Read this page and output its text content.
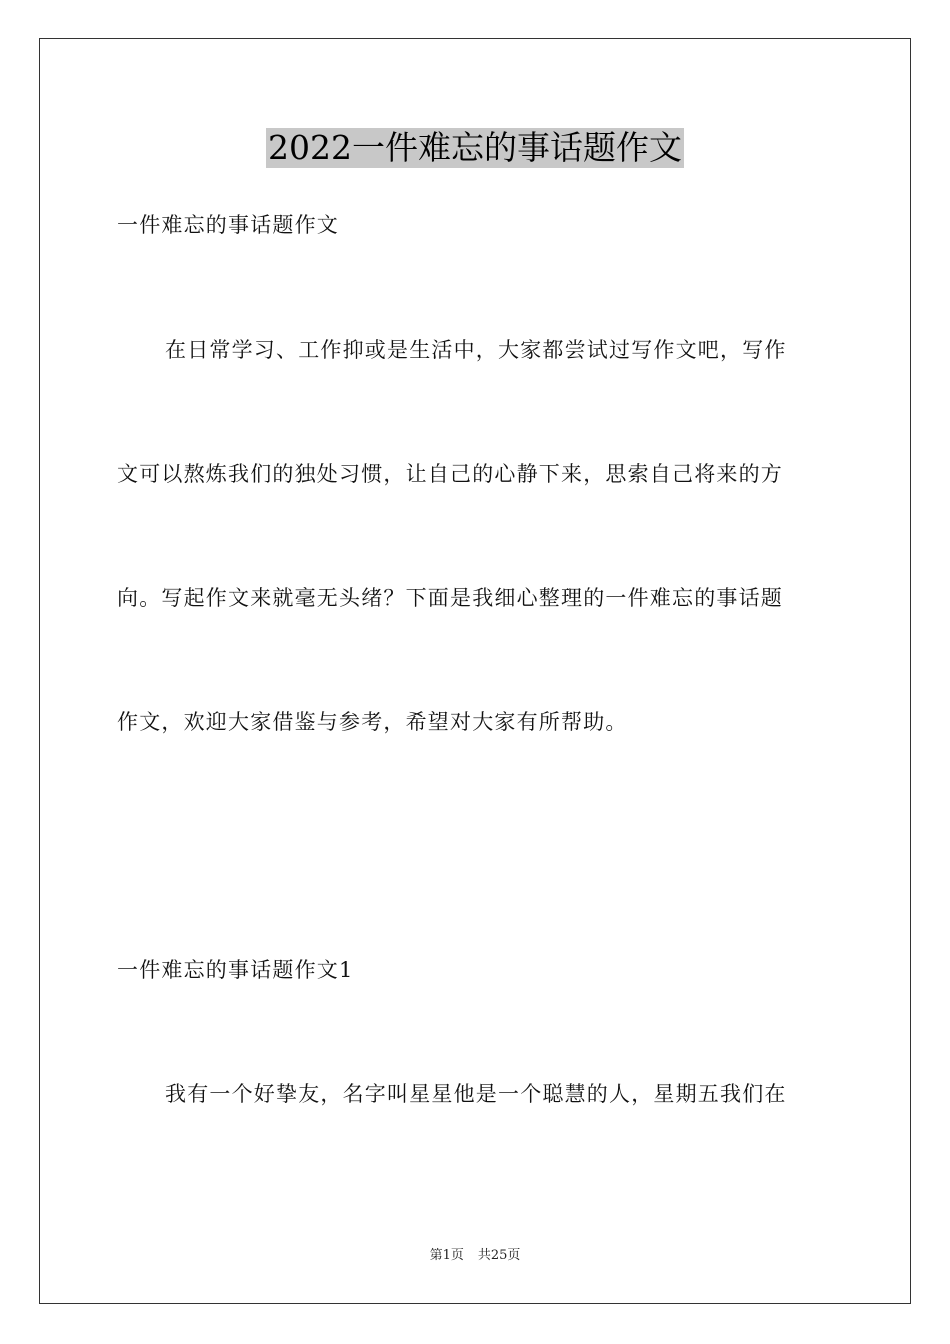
2022一件难忘的事话题作文
一件难忘的事话题作文
在日常学习、工作抑或是生活中，大家都尝试过写作文吧，写作
文可以熬炼我们的独处习惯，让自己的心静下来，思索自己将来的方
向。写起作文来就毫无头绪？下面是我细心整理的一件难忘的事话题
作文，欢迎大家借鉴与参考，希望对大家有所帮助。
一件难忘的事话题作文1
我有一个好挚友，名字叫星星他是一个聪慧的人，星期五我们在
第1页 共25页
